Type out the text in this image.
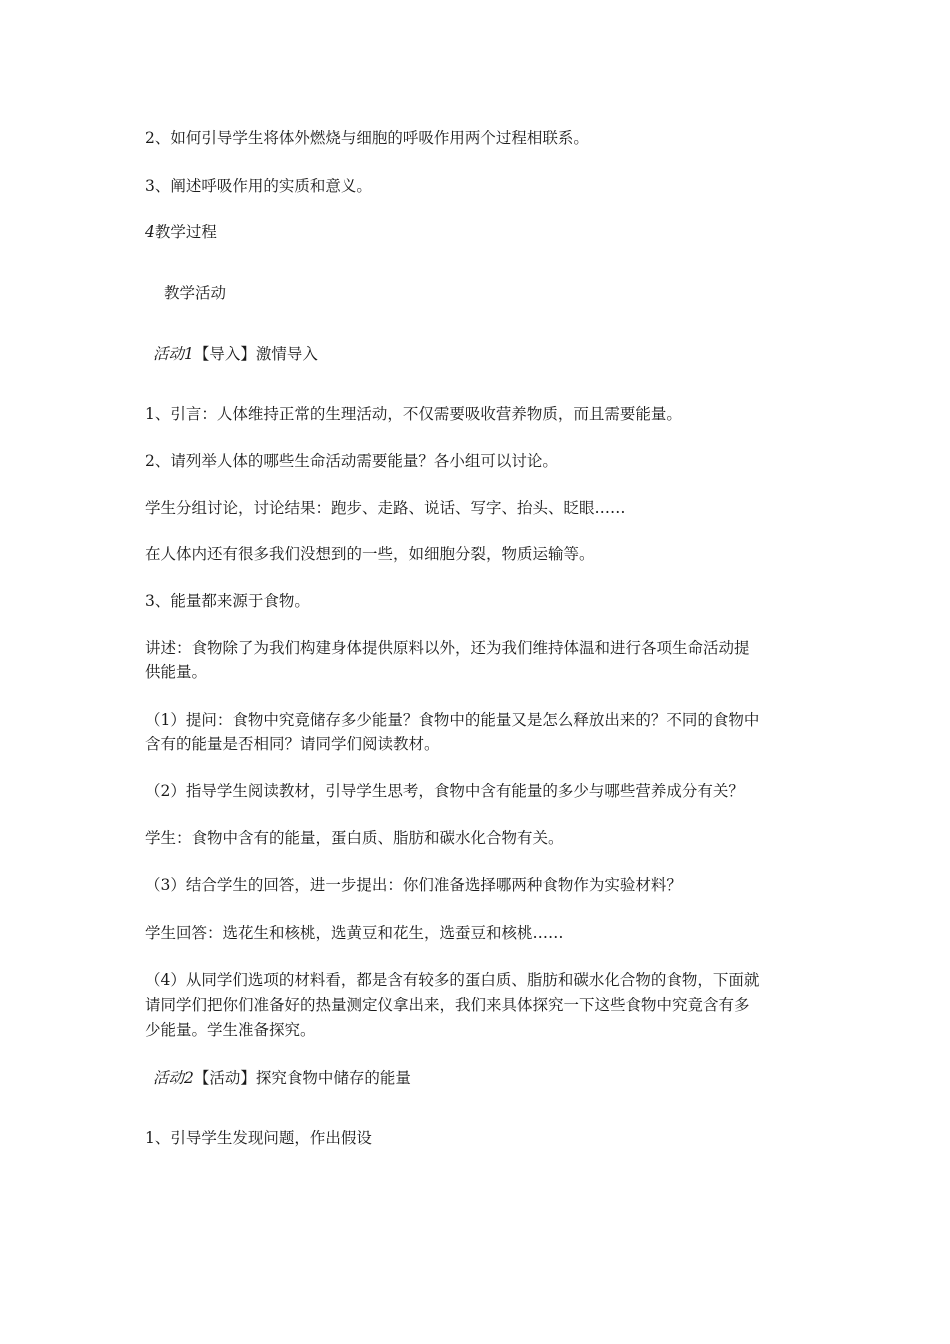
2、如何引导学生将体外燃烧与细胞的呼吸作用两个过程相联系。

3、阐述呼吸作用的实质和意义。

4教学过程

教学活动

活动1【导入】激情导入

1、引言：人体维持正常的生理活动，不仅需要吸收营养物质，而且需要能量。

2、请列举人体的哪些生命活动需要能量？各小组可以讨论。

学生分组讨论，讨论结果：跑步、走路、说话、写字、抬头、眨眼……

在人体内还有很多我们没想到的一些，如细胞分裂，物质运输等。

3、能量都来源于食物。

讲述：食物除了为我们构建身体提供原料以外，还为我们维持体温和进行各项生命活动提

供能量。

（1）提问：食物中究竟储存多少能量？食物中的能量又是怎么释放出来的？不同的食物中

含有的能量是否相同？请同学们阅读教材。

（2）指导学生阅读教材，引导学生思考，食物中含有能量的多少与哪些营养成分有关？

学生：食物中含有的能量，蛋白质、脂肪和碳水化合物有关。

（3）结合学生的回答，进一步提出：你们准备选择哪两种食物作为实验材料？

学生回答：选花生和核桃，选黄豆和花生，选蚕豆和核桃……

（4）从同学们选项的材料看，都是含有较多的蛋白质、脂肪和碳水化合物的食物，下面就

请同学们把你们准备好的热量测定仪拿出来，我们来具体探究一下这些食物中究竟含有多

少能量。学生准备探究。

活动2【活动】探究食物中储存的能量

1、引导学生发现问题，作出假设
